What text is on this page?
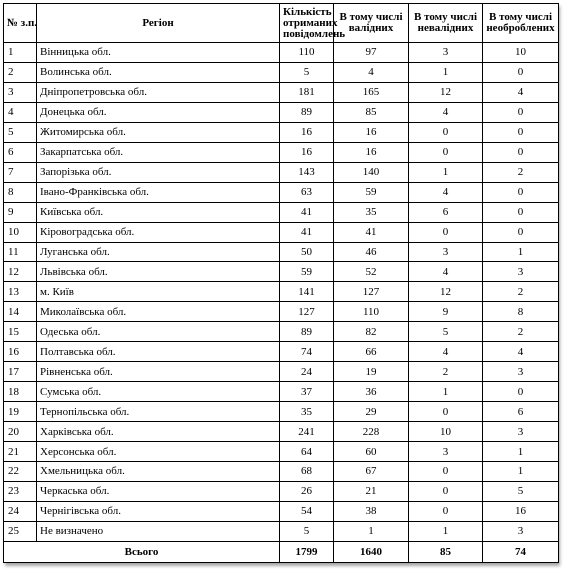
№ з.п.	Регіон	Кількість отриманих повідомлень	В тому числі валідних	В тому числі невалідних	В тому числі необроблених
1	Вінницька обл.	110	97	3	10
2	Волинська обл.	5	4	1	0
3	Дніпропетровська обл.	181	165	12	4
4	Донецька обл.	89	85	4	0
5	Житомирська обл.	16	16	0	0
6	Закарпатська обл.	16	16	0	0
7	Запорізька обл.	143	140	1	2
8	Івано-Франківська обл.	63	59	4	0
9	Київська обл.	41	35	6	0
10	Кіровоградська обл.	41	41	0	0
11	Луганська обл.	50	46	3	1
12	Львівська обл.	59	52	4	3
13	м. Київ	141	127	12	2
14	Миколаївська обл.	127	110	9	8
15	Одеська обл.	89	82	5	2
16	Полтавська обл.	74	66	4	4
17	Рівненська обл.	24	19	2	3
18	Сумська обл.	37	36	1	0
19	Тернопільська обл.	35	29	0	6
20	Харківська обл.	241	228	10	3
21	Херсонська обл.	64	60	3	1
22	Хмельницька обл.	68	67	0	1
23	Черкаська обл.	26	21	0	5
24	Чернігівська обл.	54	38	0	16
25	Не визначено	5	1	1	3
Всього		1799	1640	85	74
